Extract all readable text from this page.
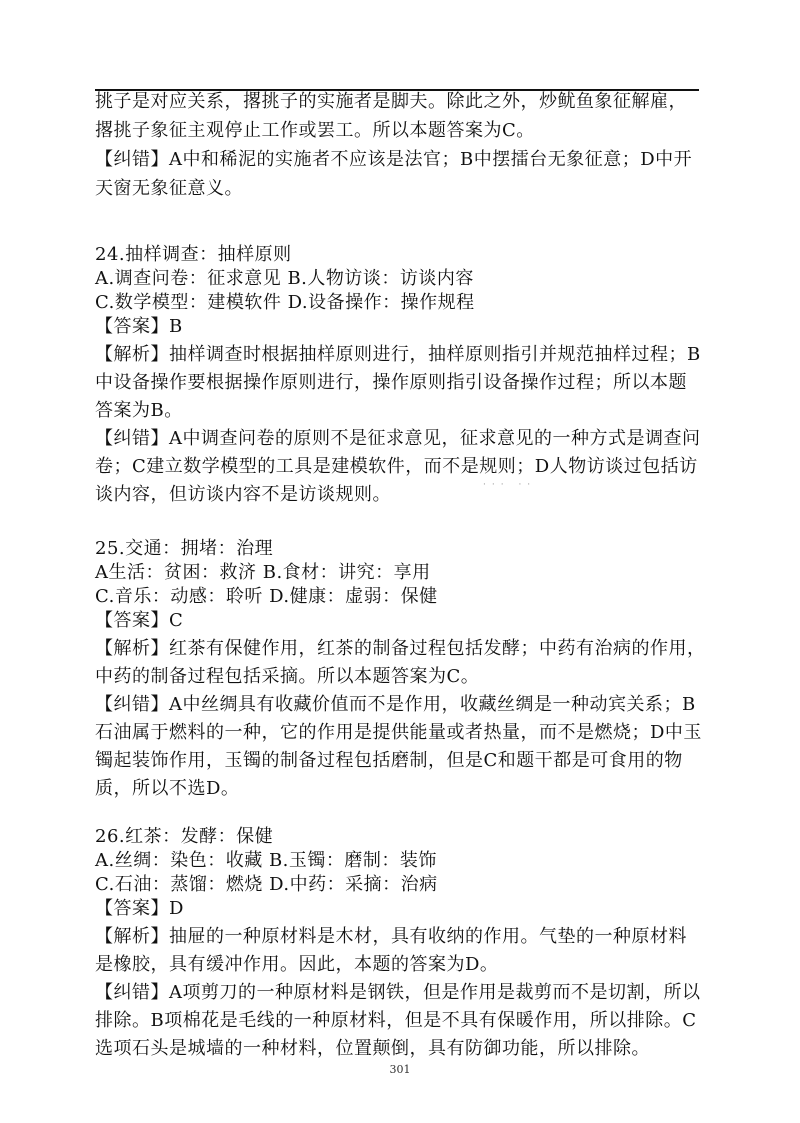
挑子是对应关系，撂挑子的实施者是脚夫。除此之外，炒鱿鱼象征解雇，
撂挑子象征主观停止工作或罢工。所以本题答案为C。
【纠错】A中和稀泥的实施者不应该是法官；B中摆擂台无象征意；D中开
天窗无象征意义。
24.抽样调查：抽样原则
A.调查问卷：征求意见 B.人物访谈：访谈内容
C.数学模型：建模软件 D.设备操作：操作规程
【答案】B
【解析】抽样调查时根据抽样原则进行，抽样原则指引并规范抽样过程；B
中设备操作要根据操作原则进行，操作原则指引设备操作过程；所以本题
答案为B。
【纠错】A中调查问卷的原则不是征求意见，征求意见的一种方式是调查问
卷；C建立数学模型的工具是建模软件，而不是规则；D人物访谈过包括访
谈内容，但访谈内容不是访谈规则。	··· ··
25.交通：拥堵：治理
A生活：贫困：救济 B.食材：讲究：享用
C.音乐：动感：聆听 D.健康：虚弱：保健
【答案】C
【解析】红茶有保健作用，红茶的制备过程包括发酵；中药有治病的作用，
中药的制备过程包括采摘。所以本题答案为C。
【纠错】A中丝绸具有收藏价值而不是作用，收藏丝绸是一种动宾关系；B
石油属于燃料的一种，它的作用是提供能量或者热量，而不是燃烧；D中玉
镯起装饰作用，玉镯的制备过程包括磨制，但是C和题干都是可食用的物
质，所以不选D。
26.红茶：发酵：保健
A.丝绸：染色：收藏 B.玉镯：磨制：装饰
C.石油：蒸馏：燃烧 D.中药：采摘：治病
【答案】D
【解析】抽屉的一种原材料是木材，具有收纳的作用。气垫的一种原材料
是橡胶，具有缓冲作用。因此，本题的答案为D。
【纠错】A项剪刀的一种原材料是钢铁，但是作用是裁剪而不是切割，所以
排除。B项棉花是毛线的一种原材料，但是不具有保暖作用，所以排除。C
选项石头是城墙的一种材料，位置颠倒，具有防御功能，所以排除。
301
